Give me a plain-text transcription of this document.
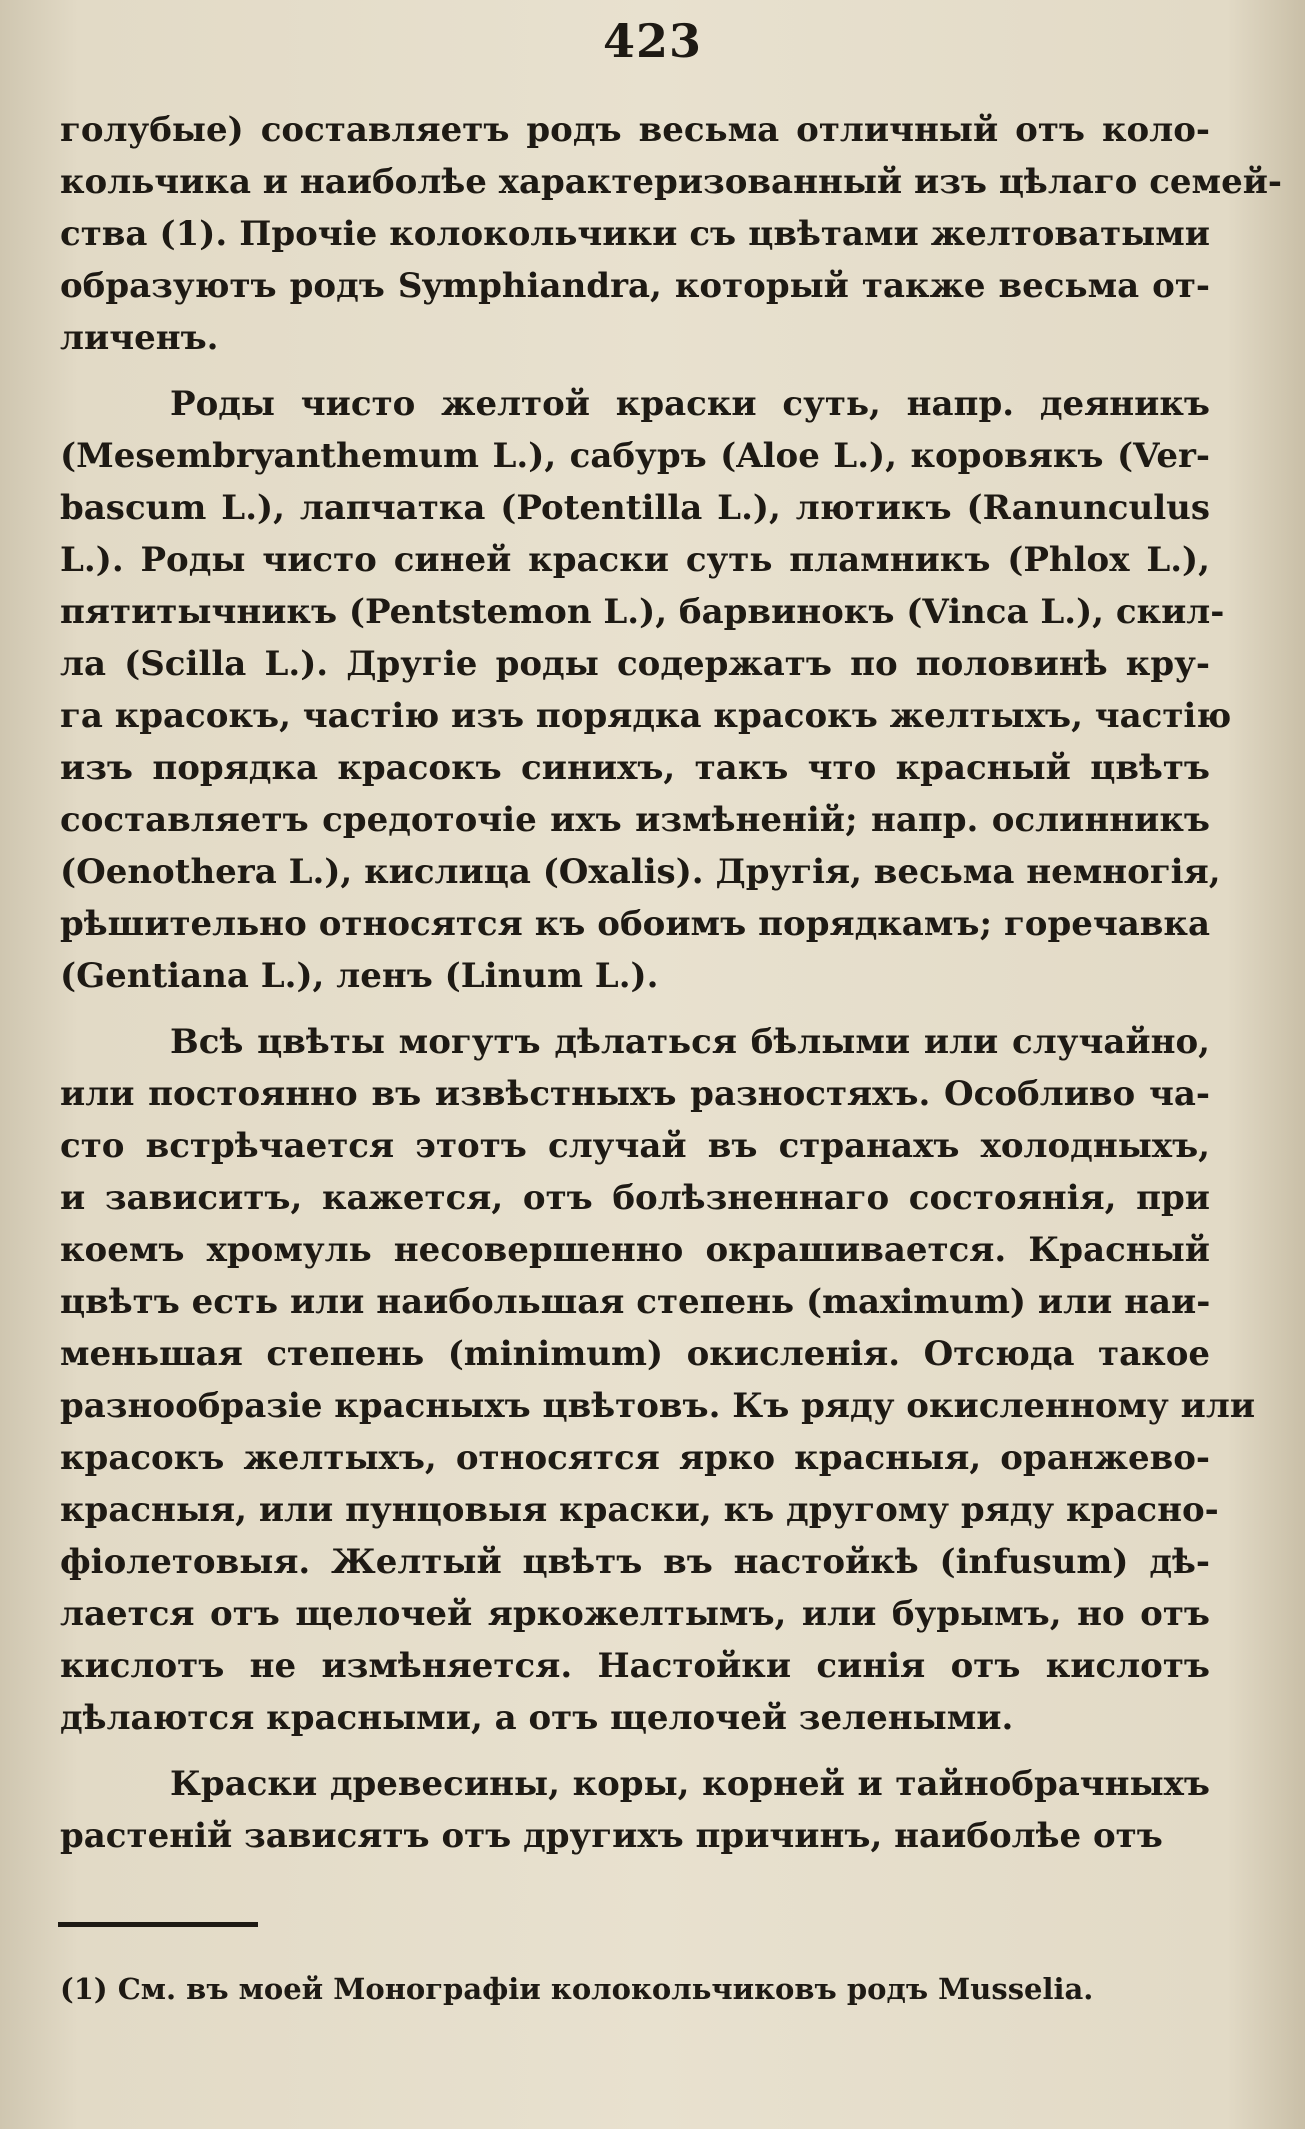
423
голубые) составляетъ родъ весьма отличный отъ коло-
кольчика и наиболѣе характеризованный изъ цѣлаго семей-
ства (1). Прочіе колокольчики съ цвѣтами желтоватыми
образуютъ родъ Symphiandra, который также весьма от-
личенъ.
Роды чисто желтой краски суть, напр. дeяникъ
(Mesembryanthemum L.), сабуръ (Aloe L.), коровякъ (Ver-
bascum L.), лапчатка (Potentilla L.), лютикъ (Ranunculus
L.). Роды чисто синей краски суть пламникъ (Phlox L.),
пятитычникъ (Pentstemon L.), барвинокъ (Vinca L.), скил-
ла (Scilla L.). Другіе роды содержатъ по половинѣ кру-
га красокъ, частію изъ порядка красокъ желтыхъ, частію
изъ порядка красокъ синихъ, такъ что красный цвѣтъ
составляетъ средоточіе ихъ измѣненій; напр. ослинникъ
(Oenothera L.), кислица (Oxalis). Другія, весьма немногія,
рѣшительно относятся къ обоимъ порядкамъ; горечавка
(Gentiana L.), ленъ (Linum L.).
Всѣ цвѣты могутъ дѣлаться бѣлыми или случайно,
или постоянно въ извѣстныхъ разностяхъ. Особливо ча-
сто встрѣчается этотъ случай въ странахъ холодныхъ,
и зависитъ, кажется, отъ болѣзненнаго состоянія, при
коемъ хромуль несовершенно окрашивается. Красный
цвѣтъ есть или наибольшая степень (maximum) или наи-
меньшая степень (minimum) окисленія. Отсюда такое
разнообразіе красныхъ цвѣтовъ. Къ ряду окисленному или
красокъ желтыхъ, относятся ярко красныя, оранжево-
красныя, или пунцовыя краски, къ другому ряду красно-
фіолетовыя. Желтый цвѣтъ въ настойкѣ (infusum) дѣ-
лается отъ щелочей яркожелтымъ, или бурымъ, но отъ
кислотъ не измѣняется. Настойки синія отъ кислотъ
дѣлаются красными, а отъ щелочей зелеными.
Краски древесины, коры, корней и тайнобрачныхъ
растеній зависятъ отъ другихъ причинъ, наиболѣе отъ
(1) См. въ моей Монографіи колокольчиковъ родъ Musselia.
